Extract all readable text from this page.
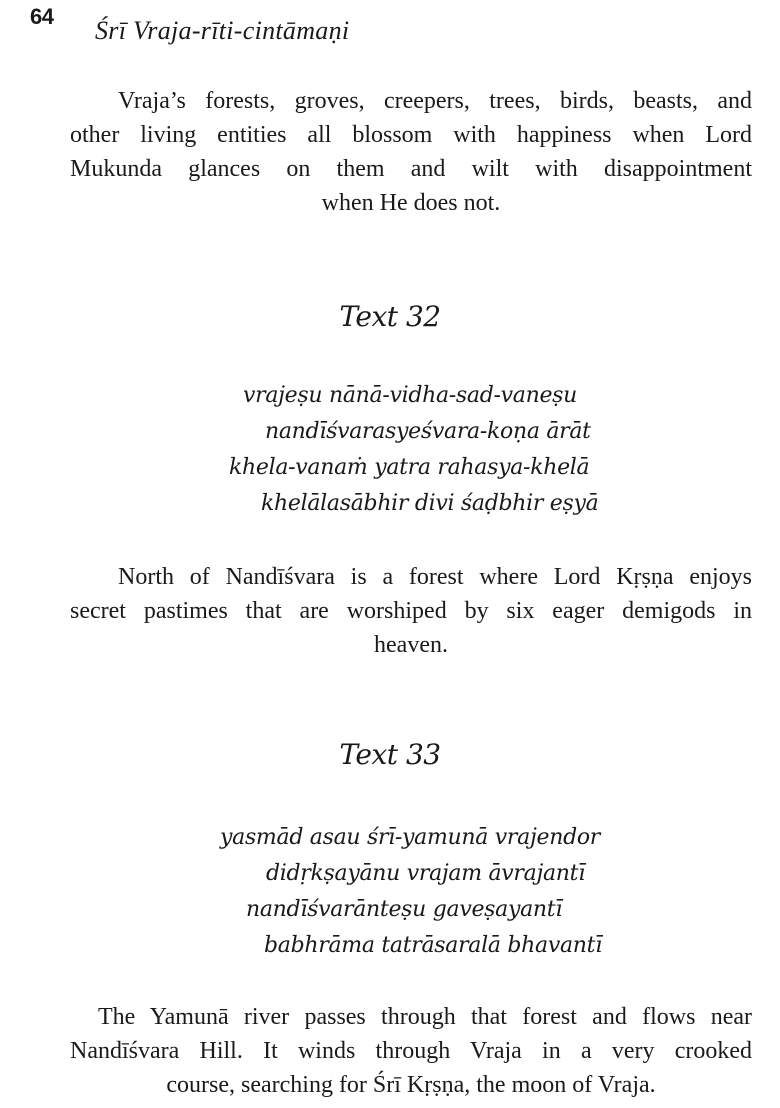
64 Śrī Vraja-rīti-cintāmaṇi
Vraja’s forests, groves, creepers, trees, birds, beasts, and
other living entities all blossom with happiness when Lord
Mukunda glances on them and wilt with disappointment
when He does not.
Text 32
vrajeṣu nānā-vidha-sad-vaneṣu
nandīśvarasyeśvara-koṇa ārāt
khela-vanaṁ yatra rahasya-khelā
khelālasābhir divi śaḍbhir eṣyā
North of Nandīśvara is a forest where Lord Kṛṣṇa enjoys
secret pastimes that are worshiped by six eager demigods in
heaven.
Text 33
yasmād asau śrī-yamunā vrajendor
didṛkṣayānu vrajam āvrajantī
nandīśvarānteṣu gaveṣayantī
babhrāma tatrāsaralā bhavantī
The Yamunā river passes through that forest and flows near
Nandīśvara Hill. It winds through Vraja in a very crooked
course, searching for Śrī Kṛṣṇa, the moon of Vraja.
